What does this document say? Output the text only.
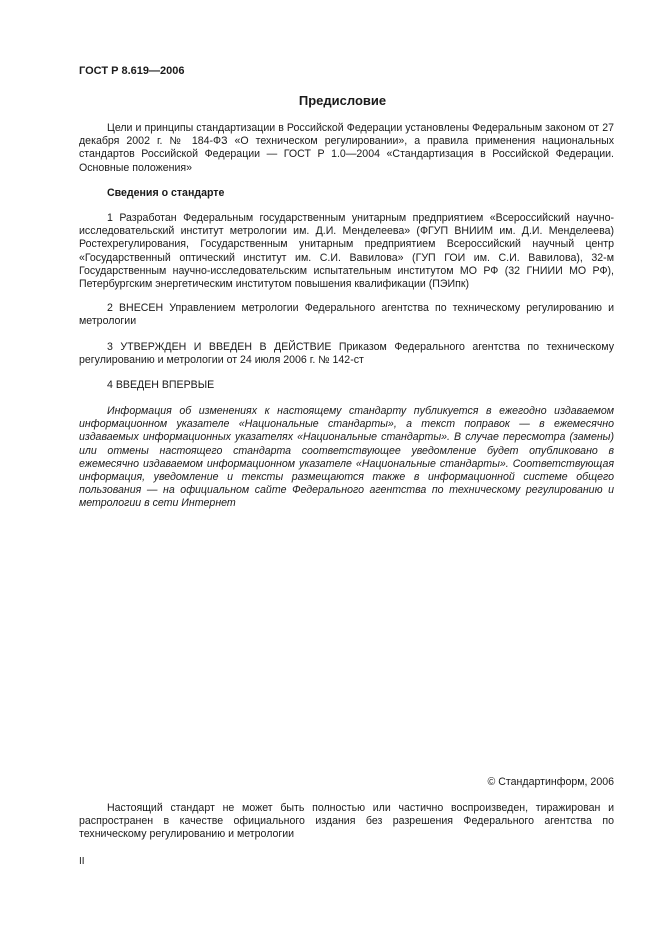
ГОСТ Р 8.619—2006
Предисловие

Цели и принципы стандартизации в Российской Федерации установлены Федеральным законом от 27 декабря 2002 г. № 184-ФЗ «О техническом регулировании», а правила применения национальных стандартов Российской Федерации — ГОСТ Р 1.0—2004 «Стандартизация в Российской Федерации. Основные положения»

Сведения о стандарте

1 Разработан Федеральным государственным унитарным предприятием «Всероссийский научно-исследовательский институт метрологии им. Д.И. Менделеева» (ФГУП ВНИИМ им. Д.И. Менделеева) Ростехрегулирования, Государственным унитарным предприятием Всероссийский научный центр «Государственный оптический институт им. С.И. Вавилова» (ГУП ГОИ им. С.И. Вавилова), 32-м Государственным научно-исследовательским испытательным институтом МО РФ (32 ГНИИИ МО РФ), Петербургским энергетическим институтом повышения квалификации (ПЭИпк)

2 ВНЕСЕН Управлением метрологии Федерального агентства по техническому регулированию и метрологии

3 УТВЕРЖДЕН И ВВЕДЕН В ДЕЙСТВИЕ Приказом Федерального агентства по техническому регулированию и метрологии от 24 июля 2006 г. № 142-ст

4 ВВЕДЕН ВПЕРВЫЕ

Информация об изменениях к настоящему стандарту публикуется в ежегодно издаваемом информационном указателе «Национальные стандарты», а текст поправок — в ежемесячно издаваемых информационных указателях «Национальные стандарты». В случае пересмотра (замены) или отмены настоящего стандарта соответствующее уведомление будет опубликовано в ежемесячно издаваемом информационном указателе «Национальные стандарты». Соответствующая информация, уведомление и тексты размещаются также в информационной системе общего пользования — на официальном сайте Федерального агентства по техническому регулированию и метрологии в сети Интернет

© Стандартинформ, 2006

Настоящий стандарт не может быть полностью или частично воспроизведен, тиражирован и распространен в качестве официального издания без разрешения Федерального агентства по техническому регулированию и метрологии

II
